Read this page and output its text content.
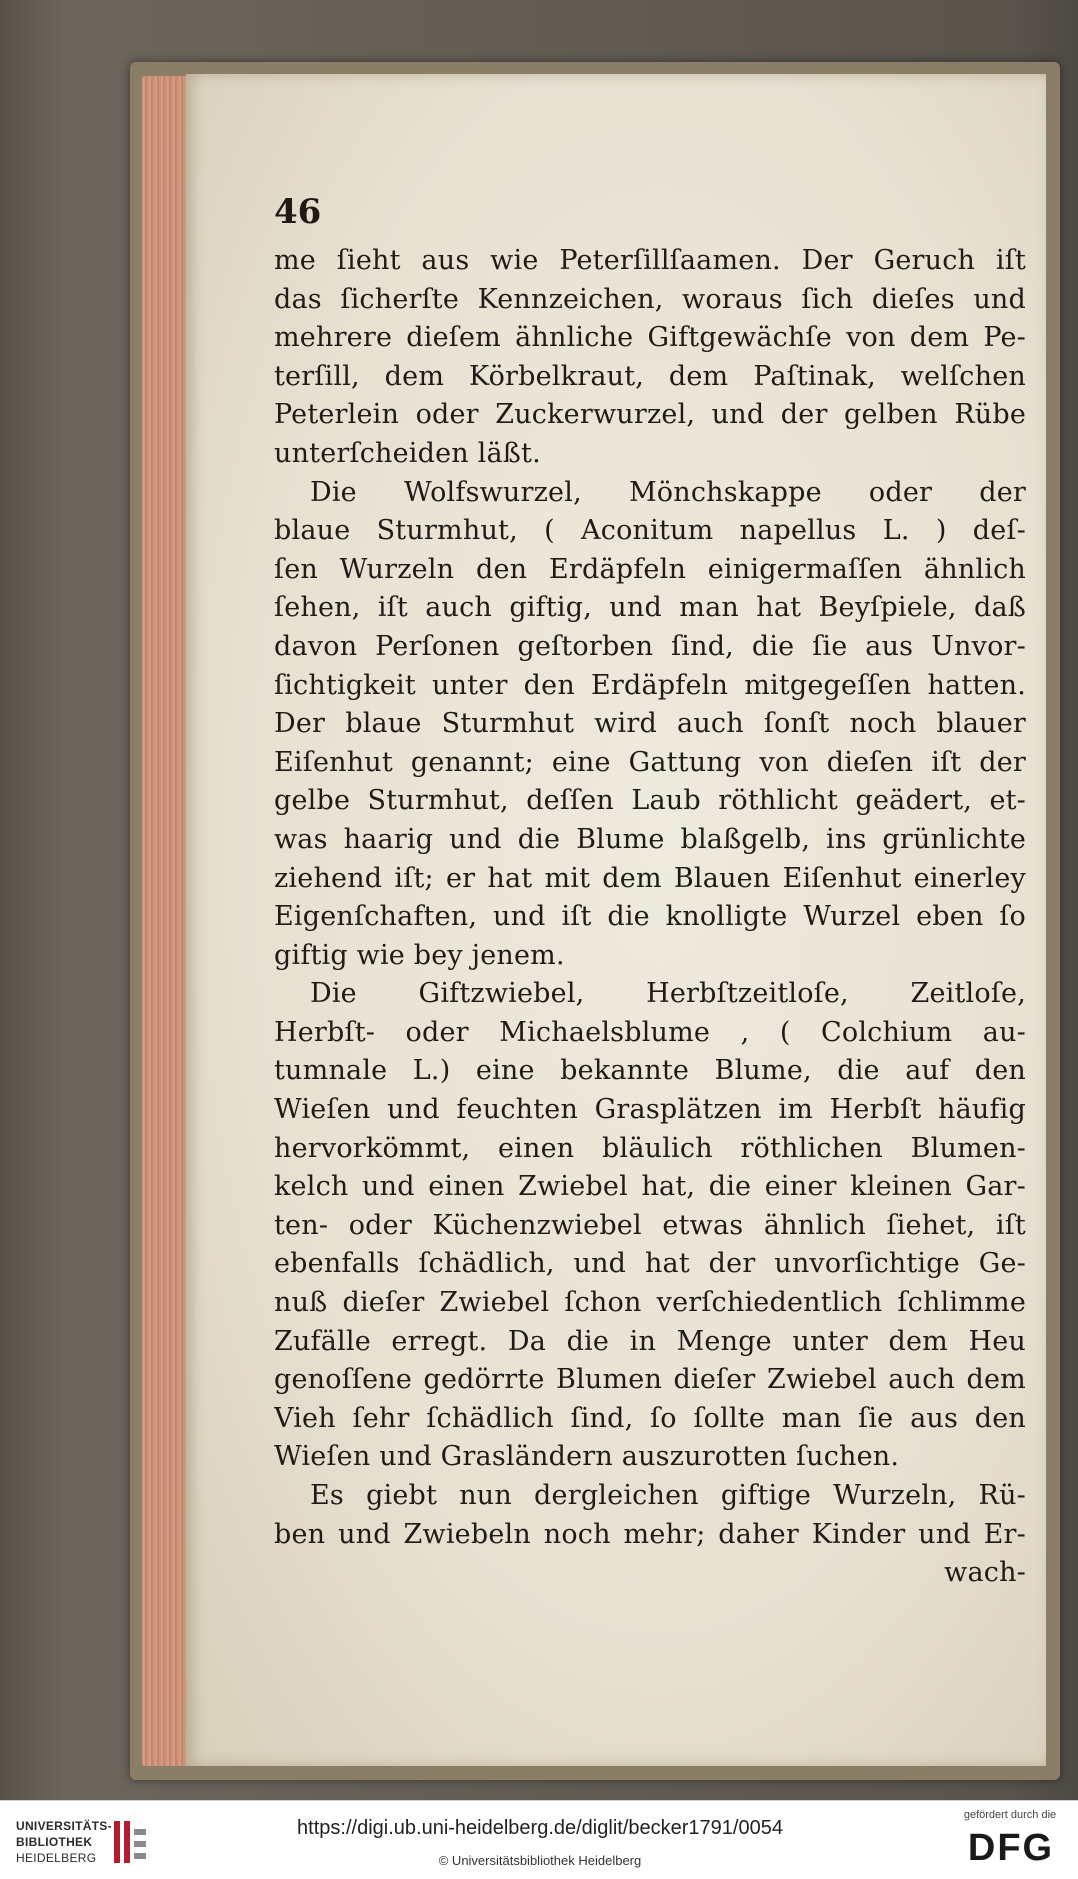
46
me ſieht aus wie Peterſillſaamen. Der Geruch iſt
das ſicherſte Kennzeichen, woraus ſich dieſes und
mehrere dieſem ähnliche Giftgewächſe von dem Pe-
terſill, dem Körbelkraut, dem Paſtinak, welſchen
Peterlein oder Zuckerwurzel, und der gelben Rübe
unterſcheiden läßt.
Die Wolfswurzel, Mönchskappe oder der
blaue Sturmhut, ( Aconitum napellus L. ) deſ-
ſen Wurzeln den Erdäpfeln einigermaſſen ähnlich
ſehen, iſt auch giftig, und man hat Beyſpiele, daß
davon Perſonen geſtorben ſind, die ſie aus Unvor-
ſichtigkeit unter den Erdäpfeln mitgegeſſen hatten.
Der blaue Sturmhut wird auch ſonſt noch blauer
Eiſenhut genannt; eine Gattung von dieſen iſt der
gelbe Sturmhut, deſſen Laub röthlicht geädert, et-
was haarig und die Blume blaßgelb, ins grünlichte
ziehend iſt; er hat mit dem Blauen Eiſenhut einerley
Eigenſchaften, und iſt die knolligte Wurzel eben ſo
giftig wie bey jenem.
Die Giftzwiebel, Herbſtzeitloſe, Zeitloſe,
Herbſt- oder Michaelsblume , ( Colchium au-
tumnale L.) eine bekannte Blume, die auf den
Wieſen und feuchten Grasplätzen im Herbſt häufig
hervorkömmt, einen bläulich röthlichen Blumen-
kelch und einen Zwiebel hat, die einer kleinen Gar-
ten- oder Küchenzwiebel etwas ähnlich ſiehet, iſt
ebenfalls ſchädlich, und hat der unvorſichtige Ge-
nuß dieſer Zwiebel ſchon verſchiedentlich ſchlimme
Zufälle erregt. Da die in Menge unter dem Heu
genoſſene gedörrte Blumen dieſer Zwiebel auch dem
Vieh ſehr ſchädlich ſind, ſo ſollte man ſie aus den
Wieſen und Grasländern auszurotten ſuchen.
Es giebt nun dergleichen giftige Wurzeln, Rü-
ben und Zwiebeln noch mehr; daher Kinder und Er-
wach-
UNIVERSITÄTS-
BIBLIOTHEK
HEIDELBERG
https://digi.ub.uni-heidelberg.de/diglit/becker1791/0054
© Universitätsbibliothek Heidelberg
gefördert durch die
DFG
